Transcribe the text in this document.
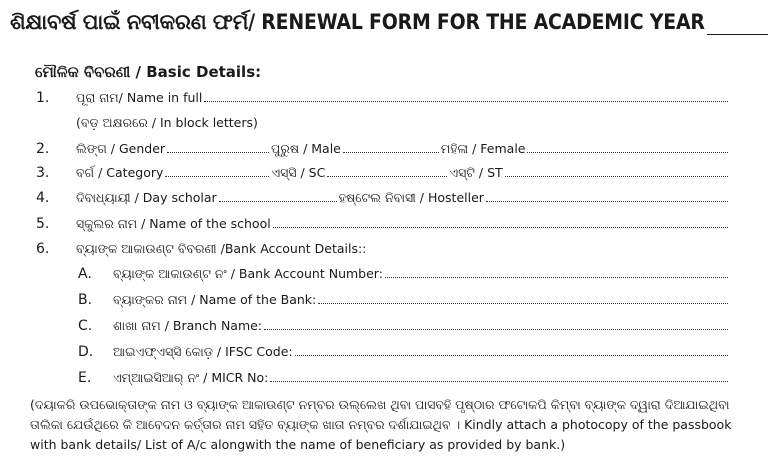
ଶିକ୍ଷାବର୍ଷ ପାଇଁ ନବୀକରଣ ଫର୍ମ/ RENEWAL FORM FOR THE ACADEMIC YEAR
ମୌଳିକ ବିବରଣୀ / Basic Details:
1. ପୂରା ନାମ/ Name in full
(ବଡ଼ ଅକ୍ଷରରେ / In block letters)
2. ଲିଙ୍ଗ / Gender	ପୁରୁଷ / Male	ମହିଳା / Female
3. ବର୍ଗ / Category	ଏସ୍‌ସି / SC	ଏସ୍‌ଟି / ST
4. ଦିବାଧ୍ୟାୟୀ / Day scholar	ହଷ୍ଟେଲ ନିବାସୀ / Hosteller
5. ସ୍କୁଲର ନାମ / Name of the school
6. ବ୍ୟାଙ୍କ ଆକାଉଣ୍ଟ ବିବରଣୀ /Bank Account Details::
A. ବ୍ୟାଙ୍କ ଆକାଉଣ୍ଟ ନଂ / Bank Account Number:
B. ବ୍ୟାଙ୍କର ନାମ / Name of the Bank:
C. ଶାଖା ନାମ / Branch Name:
D. ଆଇଏଫ୍‌ଏସ୍‌ସି କୋଡ଼ / IFSC Code:
E. ଏମ୍‌ଆଇସିଆର୍ ନଂ / MICR No:
(ଦୟାକରି ଉପଭୋକ୍ତାଙ୍କ ନାମ ଓ ବ୍ୟାଙ୍କ ଆକାଉଣ୍ଟ ନମ୍ବର ଉଲ୍ଲେଖ ଥିବା ପାସବହି ପୃଷ୍ଠାର ଫଟୋକପି କିମ୍ବା ବ୍ୟାଙ୍କ ଦ୍ୱାରା ଦିଆଯାଇଥିବା ତାଲିକା ଯେଉଁଥିରେ କି ଆବେଦନ କର୍ତ୍ତାର ନାମ ସହିତ ବ୍ୟାଙ୍କ ଖାତା ନମ୍ବର ଦର୍ଶାଯାଇଥିବ । Kindly attach a photocopy of the passbook with bank details/ List of A/c alongwith the name of beneficiary as provided by bank.)
